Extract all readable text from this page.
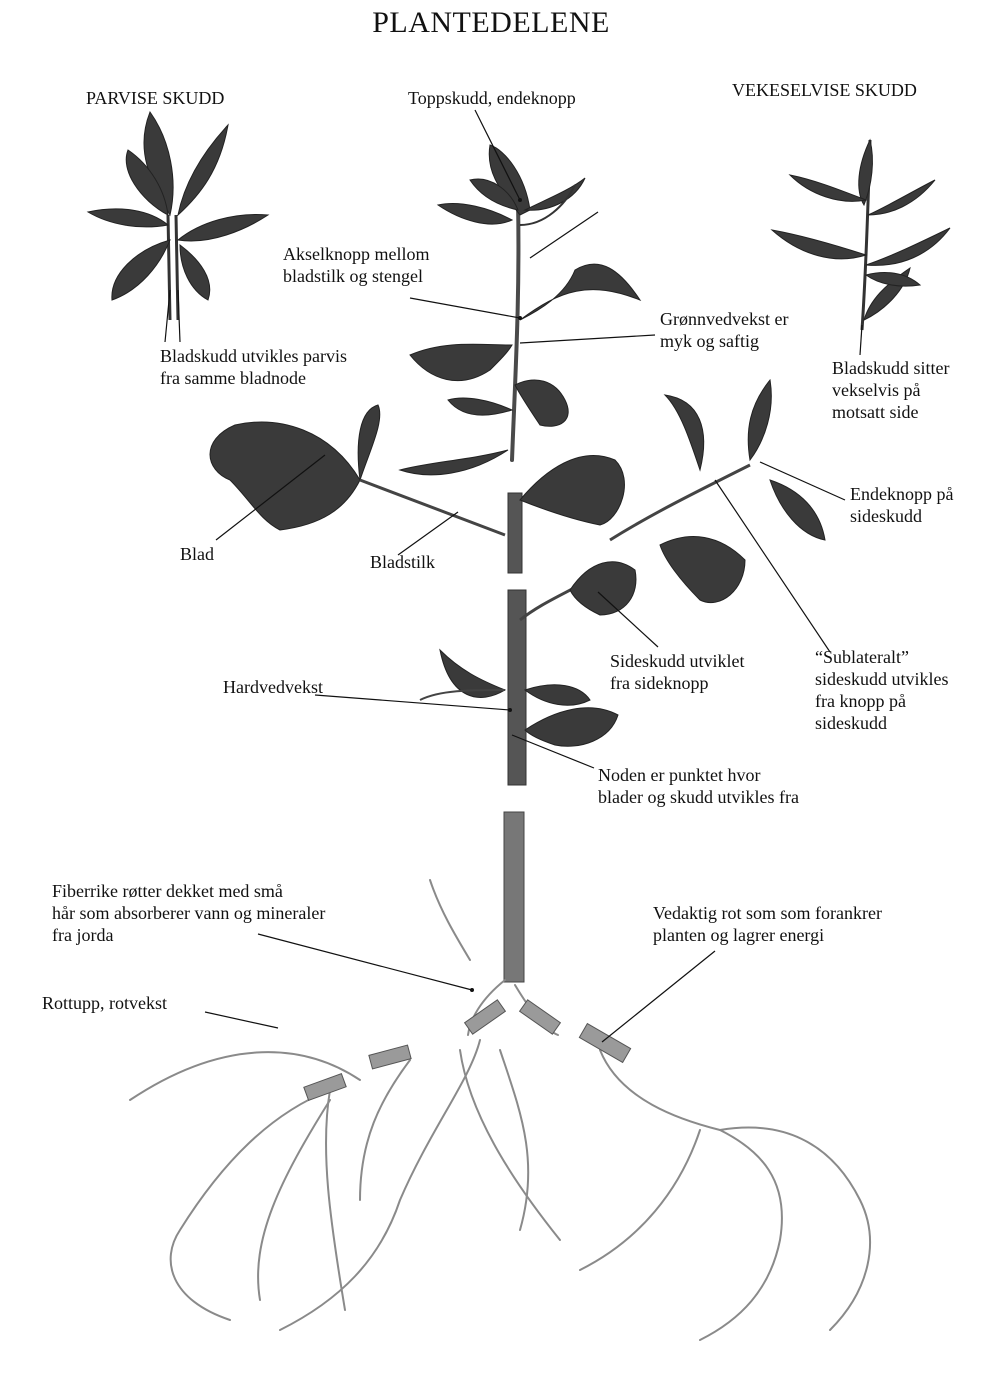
PLANTEDELENE
PARVISE SKUDD	VEKESELVISE SKUDD
Toppskudd, endeknopp
Akselknopp mellom
bladstilk og stengel
Grønnvedvekst er
myk og saftig
Bladskudd utvikles parvis
fra samme bladnode	Bladskudd sitter
vekselvis på
motsatt side
Endeknopp på
sideskudd
Blad	Bladstilk
Sideskudd utviklet
fra sideknopp
“Sublateralt”
sideskudd utvikles
fra knopp på
sideskudd
Hardvedvekst
Noden er punktet hvor
blader og skudd utvikles fra
Fiberrike røtter dekket med små
hår som absorberer vann og mineraler
fra jorda
Vedaktig rot som som forankrer
planten og lagrer energi
Rottupp, rotvekst
